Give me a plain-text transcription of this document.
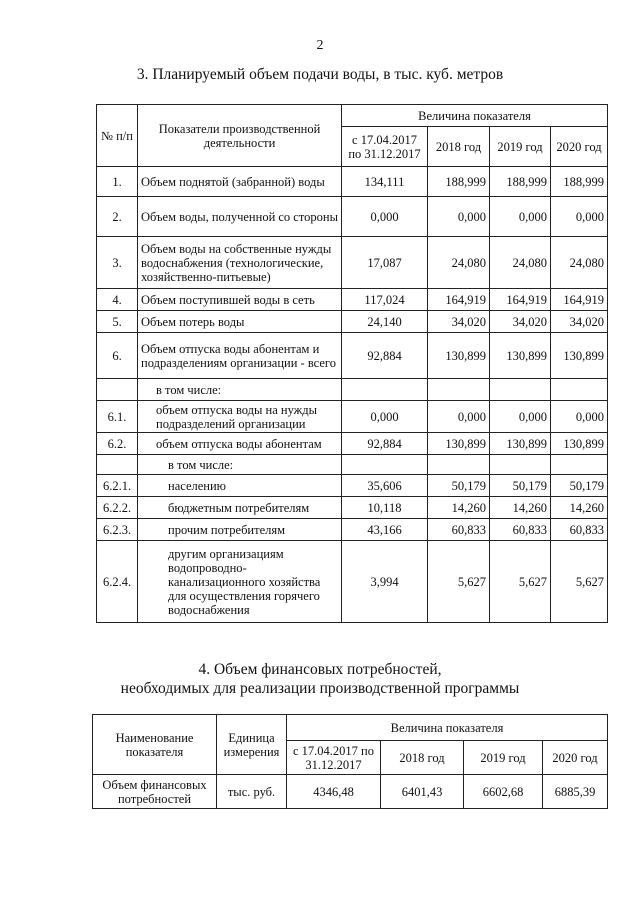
2
3. Планируемый объем подачи воды, в тыс. куб. метров
№ п/п	Показатели производственной деятельности	Величина показателя			
		с 17.04.2017 по 31.12.2017	2018 год	2019 год	2020 год
1.	Объем поднятой (забранной) воды	134,111	188,999	188,999	188,999
2.	Объем воды, полученной со стороны	0,000	0,000	0,000	0,000
3.	Объем воды на собственные нужды водоснабжения (технологические, хозяйственно-питьевые)	17,087	24,080	24,080	24,080
4.	Объем поступившей воды в сеть	117,024	164,919	164,919	164,919
5.	Объем потерь воды	24,140	34,020	34,020	34,020
6.	Объем отпуска воды абонентам и подразделениям организации - всего	92,884	130,899	130,899	130,899
	в том числе:				
6.1.	объем отпуска воды на нужды подразделений организации	0,000	0,000	0,000	0,000
6.2.	объем отпуска воды абонентам	92,884	130,899	130,899	130,899
	в том числе:				
6.2.1.	населению	35,606	50,179	50,179	50,179
6.2.2.	бюджетным потребителям	10,118	14,260	14,260	14,260
6.2.3.	прочим потребителям	43,166	60,833	60,833	60,833
6.2.4.	другим организациям водопроводно-канализационного хозяйства для осуществления горячего водоснабжения	3,994	5,627	5,627	5,627
4. Объем финансовых потребностей,
необходимых для реализации производственной программы
Наименование показателя	Единица измерения	Величина показателя			
		с 17.04.2017 по 31.12.2017	2018 год	2019 год	2020 год
Объем финансовых потребностей	тыс. руб.	4346,48	6401,43	6602,68	6885,39
